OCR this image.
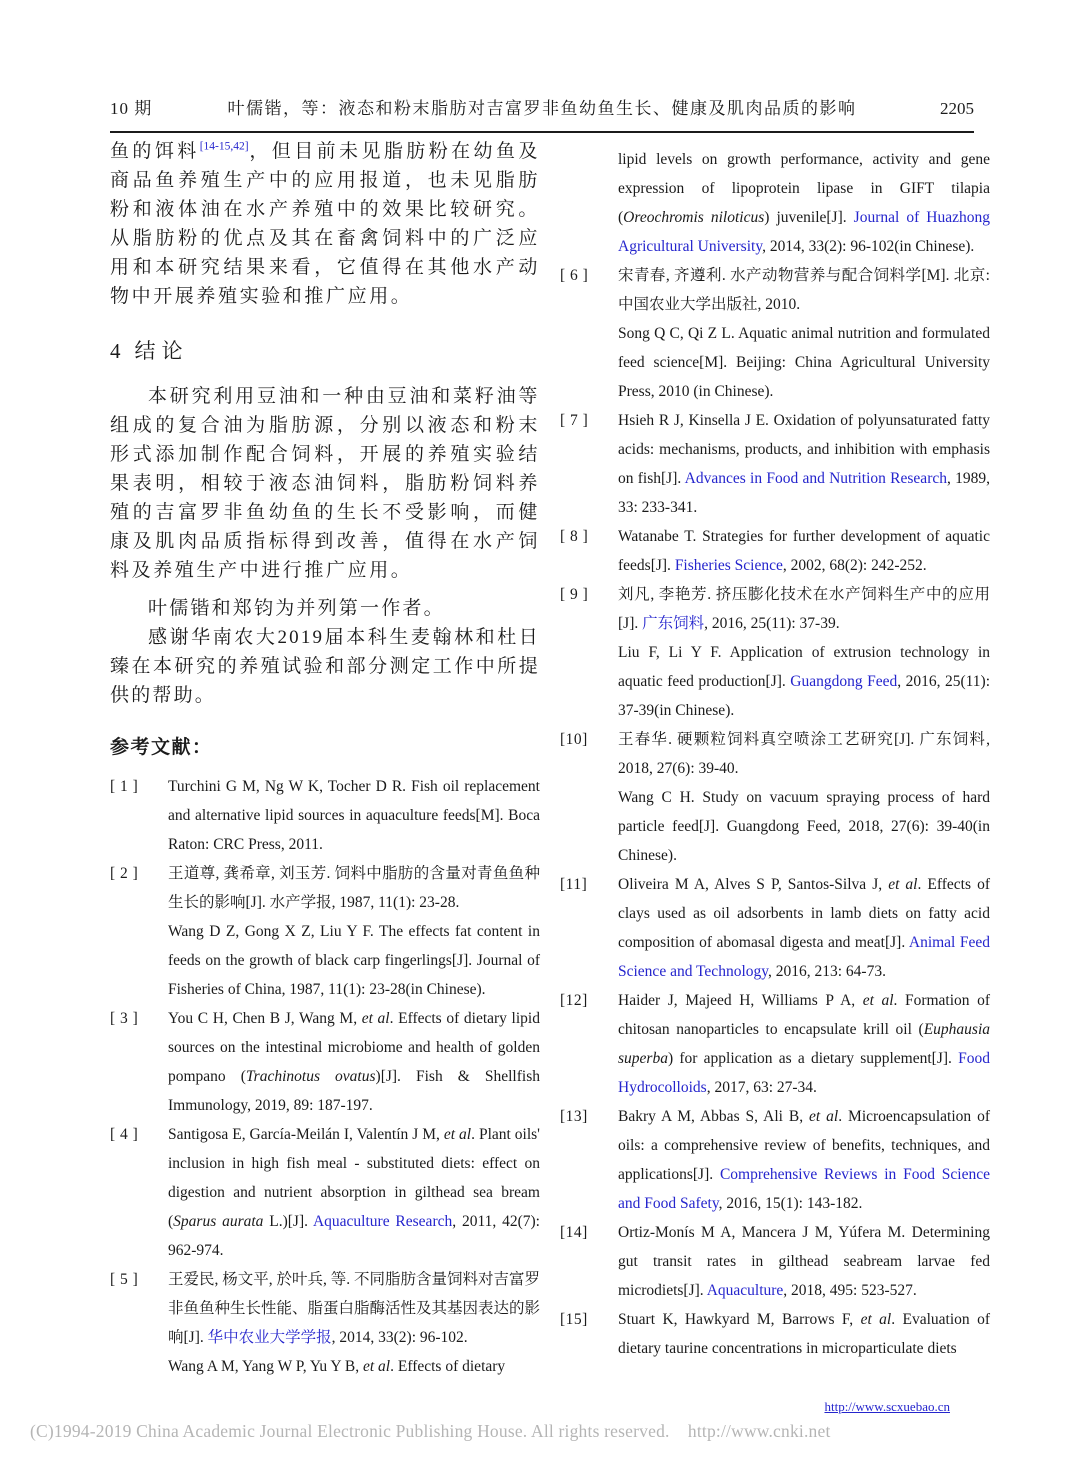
10 期	叶儒锴，等：液态和粉末脂肪对吉富罗非鱼幼鱼生长、健康及肌肉品质的影响	2205

鱼的饵料[14-15,42]，但目前未见脂肪粉在幼鱼及商品鱼养殖生产中的应用报道，也未见脂肪粉和液体油在水产养殖中的效果比较研究。从脂肪粉的优点及其在畜禽饲料中的广泛应用和本研究结果来看，它值得在其他水产动物中开展养殖实验和推广应用。

4 结论

本研究利用豆油和一种由豆油和菜籽油等组成的复合油为脂肪源，分别以液态和粉末形式添加制作配合饲料，开展的养殖实验结果表明，相较于液态油饲料，脂肪粉饲料养殖的吉富罗非鱼幼鱼的生长不受影响，而健康及肌肉品质指标得到改善，值得在水产饲料及养殖生产中进行推广应用。

叶儒锴和郑钧为并列第一作者。

感谢华南农大2019届本科生麦翰林和杜日臻在本研究的养殖试验和部分测定工作中所提供的帮助。

参考文献：
[ 1 ]	Turchini G M, Ng W K, Tocher D R. Fish oil replacement and alternative lipid sources in aquaculture feeds[M]. Boca Raton: CRC Press, 2011.
[ 2 ]	王道尊, 龚希章, 刘玉芳. 饲料中脂肪的含量对青鱼鱼种生长的影响[J]. 水产学报, 1987, 11(1): 23-28.
Wang D Z, Gong X Z, Liu Y F. The effects fat content in feeds on the growth of black carp fingerlings[J]. Journal of Fisheries of China, 1987, 11(1): 23-28(in Chinese).
[ 3 ]	You C H, Chen B J, Wang M, et al. Effects of dietary lipid sources on the intestinal microbiome and health of golden pompano (Trachinotus ovatus)[J]. Fish & Shellfish Immunology, 2019, 89: 187-197.
[ 4 ]	Santigosa E, García-Meilán I, Valentín J M, et al. Plant oils' inclusion in high fish meal - substituted diets: effect on digestion and nutrient absorption in gilthead sea bream (Sparus aurata L.)[J]. Aquaculture Research, 2011, 42(7): 962-974.
[ 5 ]	王爱民, 杨文平, 於叶兵, 等. 不同脂肪含量饲料对吉富罗非鱼鱼种生长性能、脂蛋白脂酶活性及其基因表达的影响[J]. 华中农业大学学报, 2014, 33(2): 96-102.
Wang A M, Yang W P, Yu Y B, et al. Effects of dietary
lipid levels on growth performance, activity and gene expression of lipoprotein lipase in GIFT tilapia (Oreochromis niloticus) juvenile[J]. Journal of Huazhong Agricultural University, 2014, 33(2): 96-102(in Chinese).
[ 6 ]	宋青春, 齐遵利. 水产动物营养与配合饲料学[M]. 北京: 中国农业大学出版社, 2010.
Song Q C, Qi Z L. Aquatic animal nutrition and formulated feed science[M]. Beijing: China Agricultural University Press, 2010 (in Chinese).
[ 7 ]	Hsieh R J, Kinsella J E. Oxidation of polyunsaturated fatty acids: mechanisms, products, and inhibition with emphasis on fish[J]. Advances in Food and Nutrition Research, 1989, 33: 233-341.
[ 8 ]	Watanabe T. Strategies for further development of aquatic feeds[J]. Fisheries Science, 2002, 68(2): 242-252.
[ 9 ]	刘凡, 李艳芳. 挤压膨化技术在水产饲料生产中的应用[J]. 广东饲料, 2016, 25(11): 37-39.
Liu F, Li Y F. Application of extrusion technology in aquatic feed production[J]. Guangdong Feed, 2016, 25(11): 37-39(in Chinese).
[10]	王春华. 硬颗粒饲料真空喷涂工艺研究[J]. 广东饲料, 2018, 27(6): 39-40.
Wang C H. Study on vacuum spraying process of hard particle feed[J]. Guangdong Feed, 2018, 27(6): 39-40(in Chinese).
[11]	Oliveira M A, Alves S P, Santos-Silva J, et al. Effects of clays used as oil adsorbents in lamb diets on fatty acid composition of abomasal digesta and meat[J]. Animal Feed Science and Technology, 2016, 213: 64-73.
[12]	Haider J, Majeed H, Williams P A, et al. Formation of chitosan nanoparticles to encapsulate krill oil (Euphausia superba) for application as a dietary supplement[J]. Food Hydrocolloids, 2017, 63: 27-34.
[13]	Bakry A M, Abbas S, Ali B, et al. Microencapsulation of oils: a comprehensive review of benefits, techniques, and applications[J]. Comprehensive Reviews in Food Science and Food Safety, 2016, 15(1): 143-182.
[14]	Ortiz-Monís M A, Mancera J M, Yúfera M. Determining gut transit rates in gilthead seabream larvae fed microdiets[J]. Aquaculture, 2018, 495: 523-527.
[15]	Stuart K, Hawkyard M, Barrows F, et al. Evaluation of dietary taurine concentrations in microparticulate diets
http://www.scxuebao.cn
(C)1994-2019 China Academic Journal Electronic Publishing House. All rights reserved.    http://www.cnki.net
